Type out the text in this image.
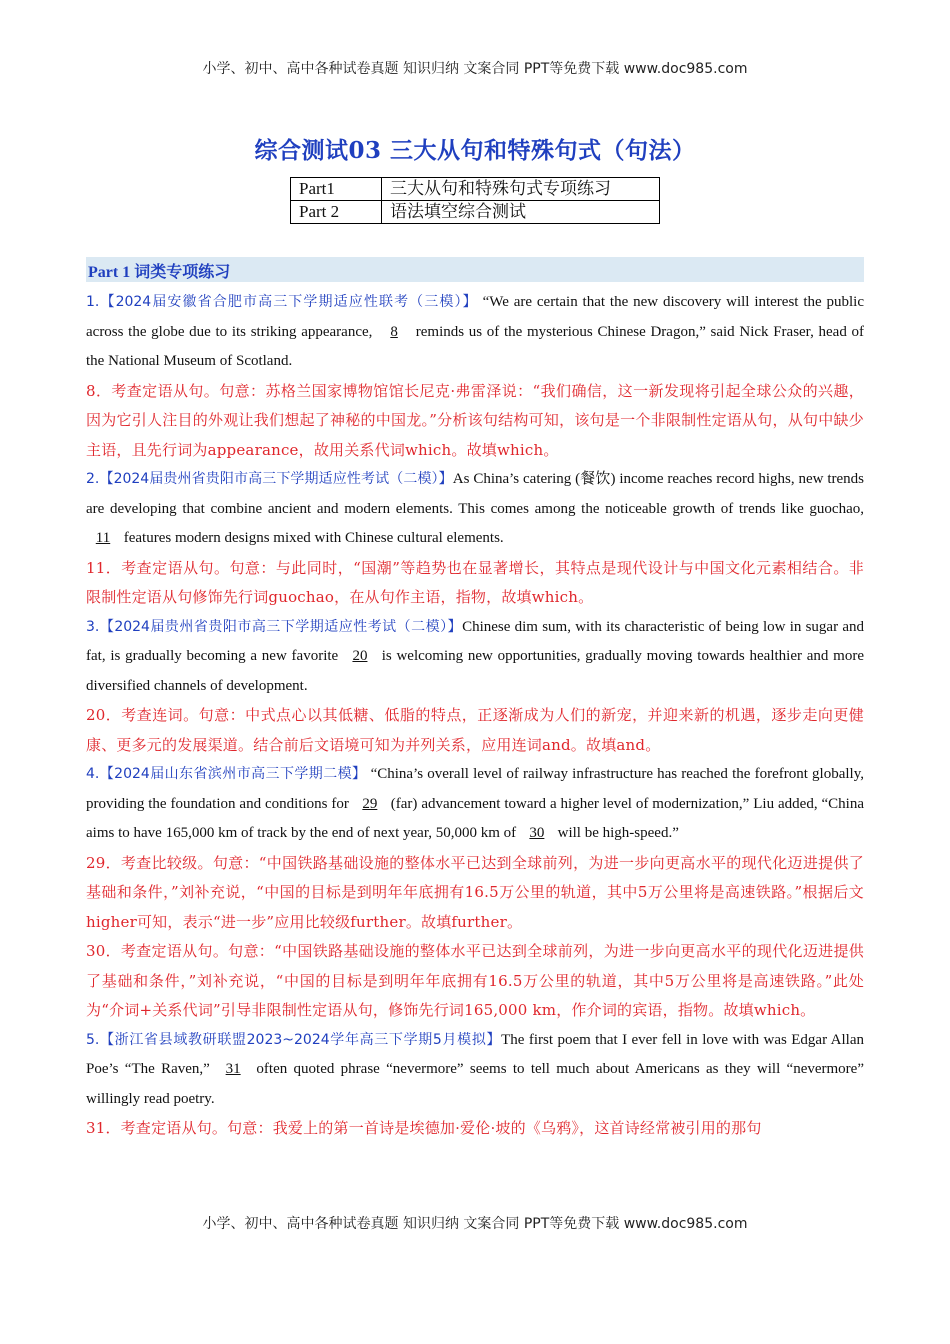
小学、初中、高中各种试卷真题 知识归纳 文案合同 PPT等免费下载 www.doc985.com
综合测试03 三大从句和特殊句式（句法）
Part1	三大从句和特殊句式专项练习
Part 2	语法填空综合测试
Part 1 词类专项练习

1.【2024届安徽省合肥市高三下学期适应性联考（三模）】 “We are certain that the new discovery will interest the public across the globe due to its striking appearance, 8 reminds us of the mysterious Chinese Dragon,” said Nick Fraser, head of the National Museum of Scotland.

8．考查定语从句。句意：苏格兰国家博物馆馆长尼克·弗雷泽说：“我们确信，这一新发现将引起全球公众的兴趣，因为它引人注目的外观让我们想起了神秘的中国龙。”分析该句结构可知，该句是一个非限制性定语从句，从句中缺少主语，且先行词为appearance，故用关系代词which。故填which。

2.【2024届贵州省贵阳市高三下学期适应性考试（二模）】As China’s catering (餐饮) income reaches record highs, new trends are developing that combine ancient and modern elements. This comes among the noticeable growth of trends like guochao, 11 features modern designs mixed with Chinese cultural elements.

11．考查定语从句。句意：与此同时，“国潮”等趋势也在显著增长，其特点是现代设计与中国文化元素相结合。非限制性定语从句修饰先行词guochao，在从句作主语，指物，故填which。

3.【2024届贵州省贵阳市高三下学期适应性考试（二模）】Chinese dim sum, with its characteristic of being low in sugar and fat, is gradually becoming a new favorite 20 is welcoming new opportunities, gradually moving towards healthier and more diversified channels of development.

20．考查连词。句意：中式点心以其低糖、低脂的特点，正逐渐成为人们的新宠，并迎来新的机遇，逐步走向更健康、更多元的发展渠道。结合前后文语境可知为并列关系，应用连词and。故填and。

4.【2024届山东省滨州市高三下学期二模】 “China’s overall level of railway infrastructure has reached the forefront globally, providing the foundation and conditions for 29 (far) advancement toward a higher level of modernization,” Liu added, “China aims to have 165,000 km of track by the end of next year, 50,000 km of 30 will be high-speed.”

29．考查比较级。句意：“中国铁路基础设施的整体水平已达到全球前列，为进一步向更高水平的现代化迈进提供了基础和条件，”刘补充说，“中国的目标是到明年年底拥有16.5万公里的轨道，其中5万公里将是高速铁路。”根据后文higher可知，表示“进一步”应用比较级further。故填further。

30．考查定语从句。句意：“中国铁路基础设施的整体水平已达到全球前列，为进一步向更高水平的现代化迈进提供了基础和条件，”刘补充说，“中国的目标是到明年年底拥有16.5万公里的轨道，其中5万公里将是高速铁路。”此处为“介词+关系代词”引导非限制性定语从句，修饰先行词165,000 km，作介词的宾语，指物。故填which。

5.【浙江省县域教研联盟2023~2024学年高三下学期5月模拟】The first poem that I ever fell in love with was Edgar Allan Poe’s “The Raven,” 31 often quoted phrase “nevermore” seems to tell much about Americans as they will “nevermore” willingly read poetry.

31．考查定语从句。句意：我爱上的第一首诗是埃德加·爱伦·坡的《乌鸦》，这首诗经常被引用的那句

小学、初中、高中各种试卷真题 知识归纳 文案合同 PPT等免费下载 www.doc985.com
